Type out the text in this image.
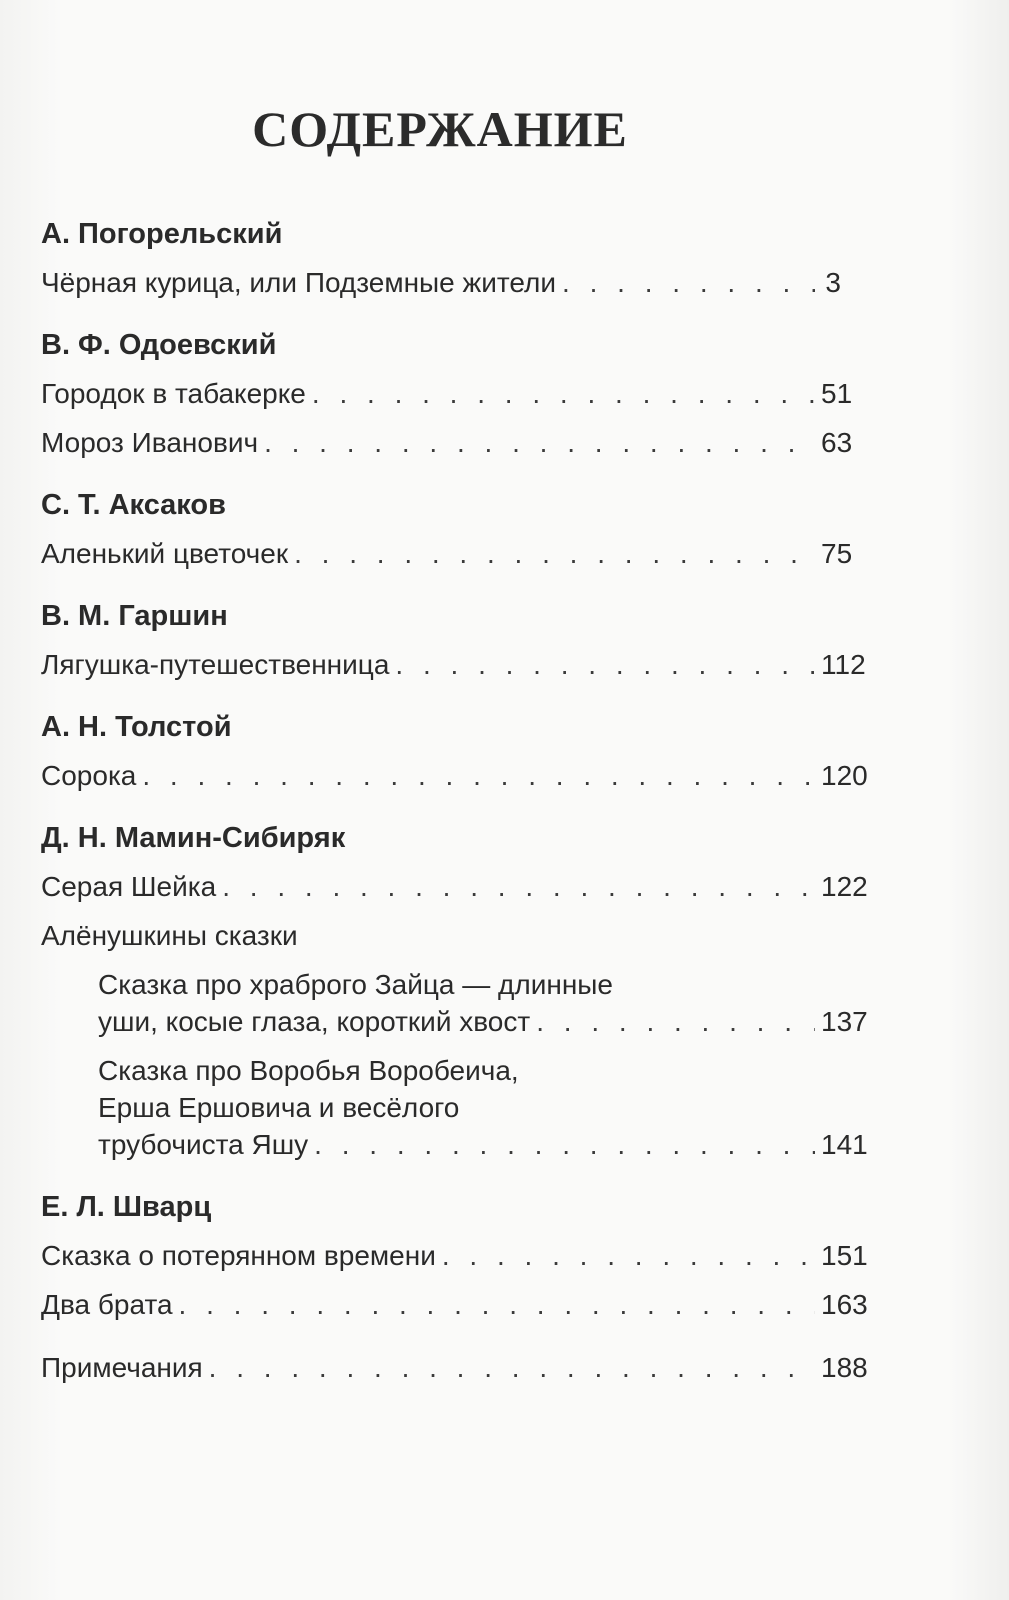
СОДЕРЖАНИЕ
А. Погорельский
Чёрная курица, или Подземные жители . . .	3
В. Ф. Одоевский
Городок в табакерке . . .	51
Мороз Иванович . . .	63
С. Т. Аксаков
Аленький цветочек . . .	75
В. М. Гаршин
Лягушка-путешественница . . .	112
А. Н. Толстой
Сорока . . .	120
Д. Н. Мамин-Сибиряк
Серая Шейка . . .	122
Алёнушкины сказки
Сказка про храброго Зайца — длинные
уши, косые глаза, короткий хвост . . .	137
Сказка про Воробья Воробеича,
Ерша Ершовича и весёлого
трубочиста Яшу . . .	141
Е. Л. Шварц
Сказка о потерянном времени . . .	151
Два брата . . .	163
Примечания . . .	188
